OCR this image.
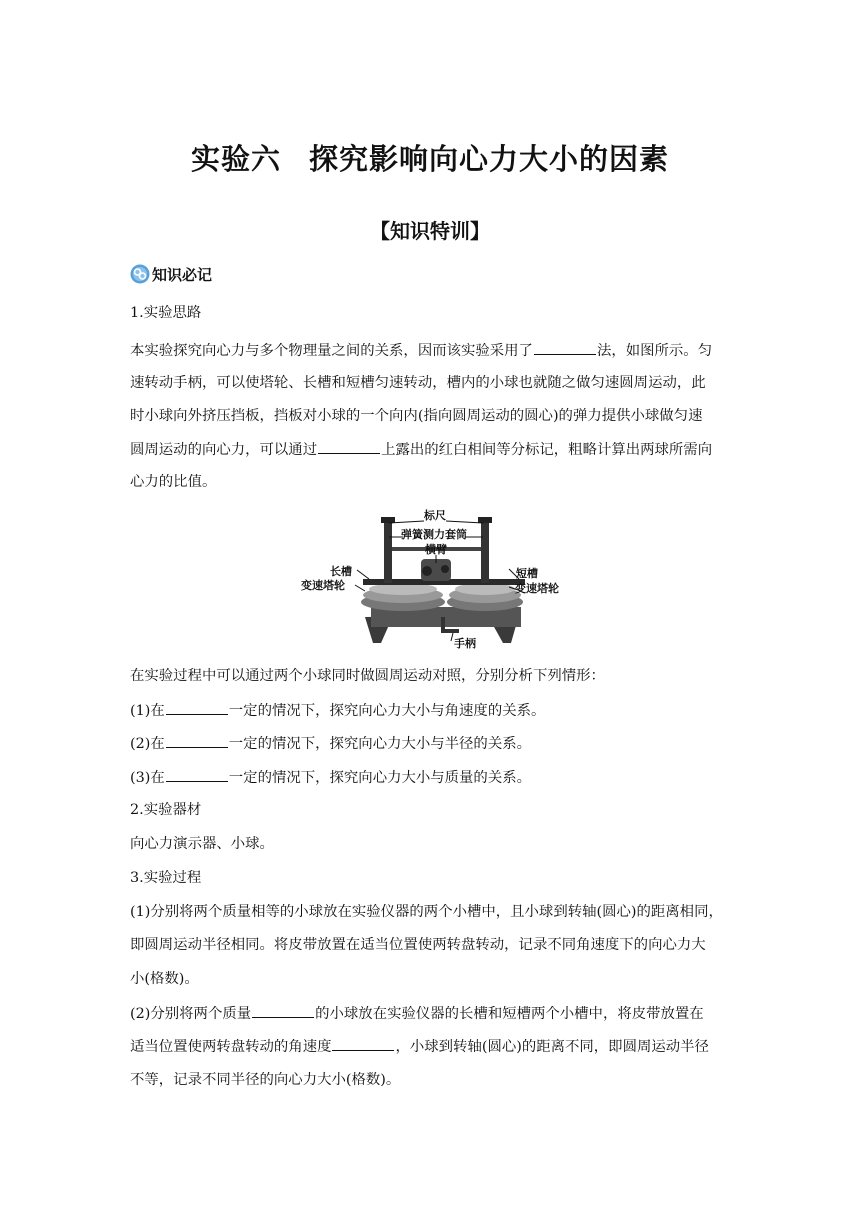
实验六 探究影响向心力大小的因素
【知识特训】
知识必记
1.实验思路
本实验探究向心力与多个物理量之间的关系，因而该实验采用了	法，如图所示。匀
速转动手柄，可以使塔轮、长槽和短槽匀速转动，槽内的小球也就随之做匀速圆周运动，此
时小球向外挤压挡板，挡板对小球的一个向内(指向圆周运动的圆心)的弹力提供小球做匀速
圆周运动的向心力，可以通过	上露出的红白相间等分标记，粗略计算出两球所需向
心力的比值。
标尺
弹簧测力套筒
横臂
长槽
变速塔轮
短槽
变速塔轮
手柄
在实验过程中可以通过两个小球同时做圆周运动对照，分别分析下列情形：
(1)在	一定的情况下，探究向心力大小与角速度的关系。
(2)在	一定的情况下，探究向心力大小与半径的关系。
(3)在	一定的情况下，探究向心力大小与质量的关系。
2.实验器材
向心力演示器、小球。
3.实验过程
(1)分别将两个质量相等的小球放在实验仪器的两个小槽中，且小球到转轴(圆心)的距离相同，
即圆周运动半径相同。将皮带放置在适当位置使两转盘转动，记录不同角速度下的向心力大
小(格数)。
(2)分别将两个质量	的小球放在实验仪器的长槽和短槽两个小槽中，将皮带放置在
适当位置使两转盘转动的角速度	，小球到转轴(圆心)的距离不同，即圆周运动半径
不等，记录不同半径的向心力大小(格数)。
